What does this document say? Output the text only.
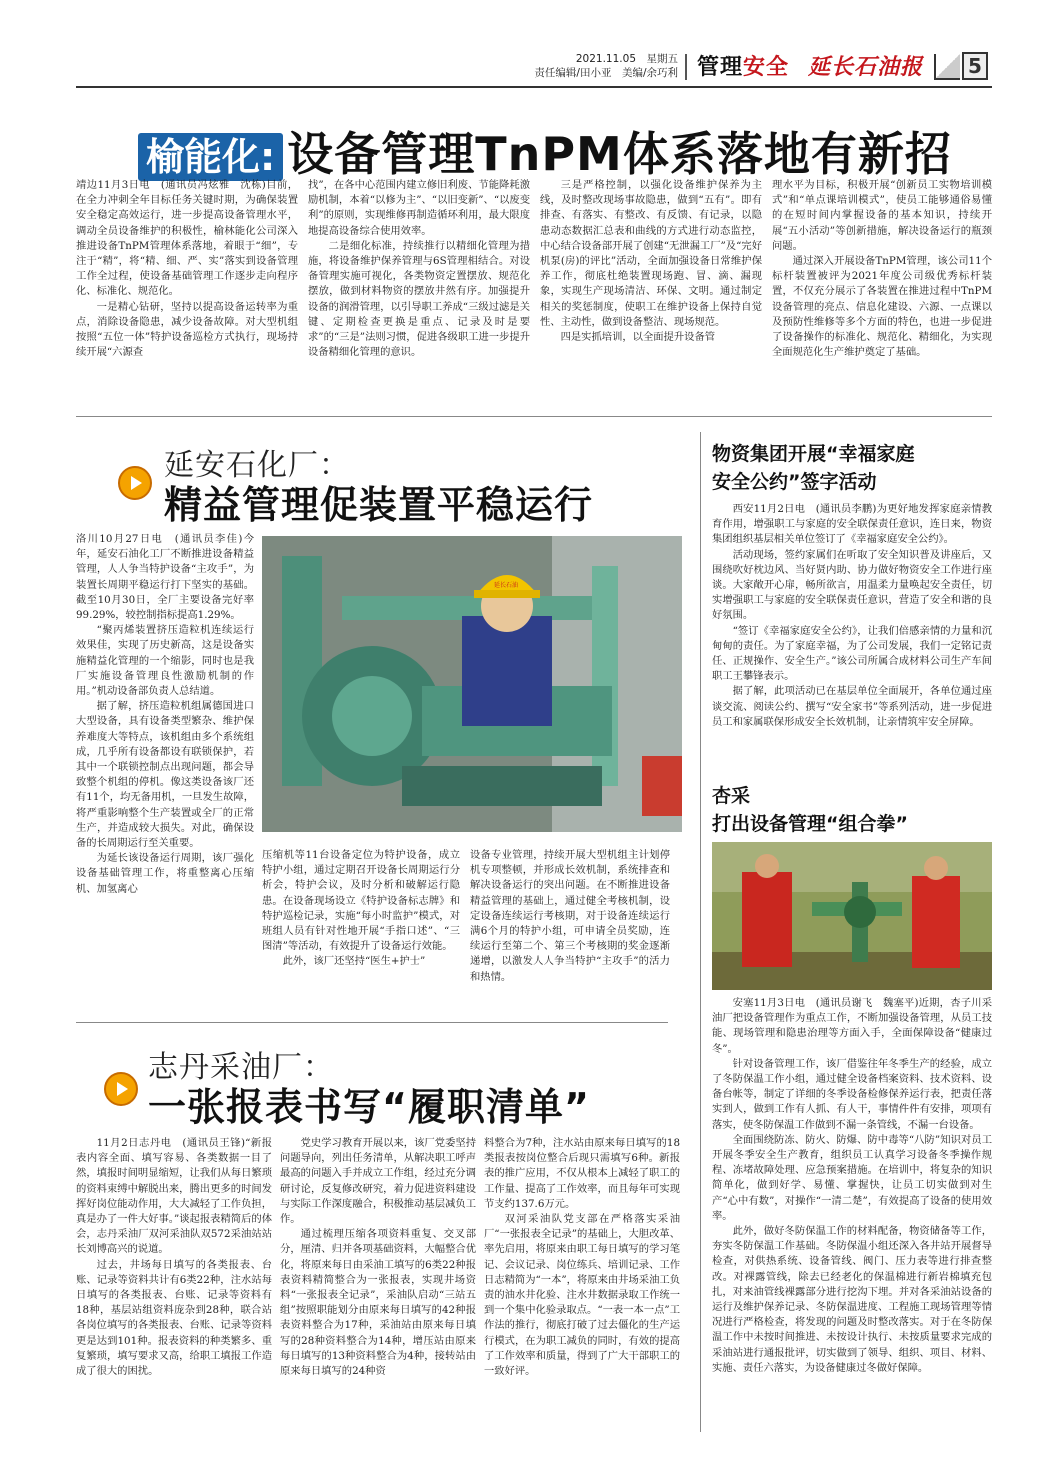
2021.11.05　星期五
责任编辑/田小亚　美编/余巧利 管理安全 延长石油报	5
榆能化: 设备管理TnPM体系落地有新招

靖边11月3日电　(通讯员冯炫雅　沈栋)目前，在全力冲刺全年目标任务关键时期，为确保装置安全稳定高效运行，进一步提高设备管理水平，调动全员设备维护的积极性，榆林能化公司深入推进设备TnPM管理体系落地，着眼于“细”，专注于“精”，将“精、细、严、实”落实到设备管理工作全过程，使设备基础管理工作逐步走向程序化、标准化、规范化。

一是精心钻研，坚持以提高设备运转率为重点，消除设备隐患，减少设备故障。对大型机组按照“五位一体”特护设备巡检方式执行，现场持续开展“六源查

找”，在各中心范围内建立修旧利废、节能降耗激励机制，本着“以修为主”、“以旧变新”、“以废变利”的原则，实现维修再制造循环利用，最大限度地提高设备综合使用效率。

二是细化标准，持续推行以精细化管理为措施，将设备维护保养管理与6S管理相结合。对设备管理实施可视化，各类物资定置摆放、规范化摆放，做到材料物资的摆放井然有序。加强提升设备的润滑管理，以引导职工养成“三级过滤是关键、定期检查更换是重点、记录及时是要求”的“三是”法则习惯，促进各级职工进一步提升设备精细化管理的意识。

三是严格控制，以强化设备维护保养为主线，及时整改现场事故隐患，做到“五有”。即有排查、有落实、有整改、有反馈、有记录，以隐患动态数据汇总表和曲线的方式进行动态监控，中心结合设备部开展了创建“无泄漏工厂”及“完好机泵(房)的评比”活动，全面加强设备日常维护保养工作，彻底杜绝装置现场跑、冒、滴、漏现象，实现生产现场清洁、环保、文明。通过制定相关的奖惩制度，使职工在维护设备上保持自觉性、主动性，做到设备整洁、现场规范。

四是实抓培训，以全面提升设备管

理水平为目标，积极开展“创新员工实物培训模式”和“单点课培训模式”，使员工能够通俗易懂的在短时间内掌握设备的基本知识，持续开展“五小活动”等创新措施，解决设备运行的瓶颈问题。

通过深入开展设备TnPM管理，该公司11个标杆装置被评为2021年度公司级优秀标杆装置，不仅充分展示了各装置在推进过程中TnPM设备管理的亮点、信息化建设、六源、一点课以及预防性维修等多个方面的特色，也进一步促进了设备操作的标准化、规范化、精细化，为实现全面规范化生产维护奠定了基础。

延安石化厂：
精益管理促装置平稳运行

洛川10月27日电　(通讯员李佳)今年，延安石油化工厂不断推进设备精益管理，人人争当特护设备“主攻手”，为装置长周期平稳运行打下坚实的基础。截至10月30日，全厂主要设备完好率99.29%，较控制指标提高1.29%。

“聚丙烯装置挤压造粒机连续运行效果佳，实现了历史新高，这是设备实施精益化管理的一个缩影，同时也是我厂实施设备管理良性激励机制的作用。”机动设备部负责人总结道。

据了解，挤压造粒机组属德国进口大型设备，具有设备类型繁杂、维护保养难度大等特点，该机组由多个系统组成，几乎所有设备都设有联锁保护，若其中一个联锁控制点出现问题，都会导致整个机组的停机。像这类设备该厂还有11个，均无备用机，一旦发生故障，将严重影响整个生产装置或全厂的正常生产，并造成较大损失。对此，确保设备的长周期运行至关重要。

为延长该设备运行周期，该厂强化设备基础管理工作，将重整离心压缩机、加氢离心

延长石油

压缩机等11台设备定位为特护设备，成立特护小组，通过定期召开设备长周期运行分析会，特护会议，及时分析和破解运行隐患。在设备现场设立《特护设备标志牌》和特护巡检记录，实施“每小时监护”模式，对班组人员有针对性地开展“手指口述”、“三图清”等活动，有效提升了设备运行效能。

此外，该厂还坚持“医生+护士”

设备专业管理，持续开展大型机组主计划停机专项整顿，并形成长效机制，系统排查和解决设备运行的突出问题。在不断推进设备精益管理的基础上，通过健全考核机制，设定设备连续运行考核期，对于设备连续运行满6个月的特护小组，可申请全员奖励，连续运行至第二个、第三个考核期的奖金逐渐递增，以激发人人争当特护“主攻手”的活力和热情。

志丹采油厂：
一张报表书写“履职清单”

11月2日志丹电　(通讯员王锋)“新报表内容全面、填写容易、各类数据一目了然，填报时间明显缩短，让我们从每日繁琐的资料束缚中解脱出来，腾出更多的时间发挥好岗位能动作用，大大减轻了工作负担，真是办了一件大好事。”谈起报表精简后的体会，志丹采油厂双河采油队双572采油站站长刘博高兴的说道。

过去，井场每日填写的各类报表、台账、记录等资料共计有6类22种，注水站每日填写的各类报表、台账、记录等资料有18种，基层站组资料庞杂到28种，联合站各岗位填写的各类报表、台账、记录等资料更是达到101种。报表资料的种类繁多、重复繁琐，填写要求又高，给职工填报工作造成了很大的困扰。

党史学习教育开展以来，该厂党委坚持问题导向，列出任务清单，从解决职工呼声最高的问题入手并成立工作组，经过充分调研讨论，反复修改研究，着力促进资料建设与实际工作深度融合，积极推动基层减负工作。

通过梳理压缩各项资料重复、交叉部分，厘清、归并各项基础资料，大幅整合优化，将原来每日由采油工填写的6类22种报表资料精简整合为一张报表，实现井场资料“一张报表全记录”，采油队启动“三站五组”按照职能划分由原来每日填写的42种报表资料整合为17种，采油站由原来每日填写的28种资料整合为14种，增压站由原来每日填写的13种资料整合为4种，接转站由原来每日填写的24种资

料整合为7种，注水站由原来每日填写的18类报表按岗位整合后现只需填写6种。新报表的推广应用，不仅从根本上减轻了职工的工作量、提高了工作效率，而且每年可实现节支约137.6万元。

双河采油队党支部在严格落实采油厂“一张报表全记录”的基础上，大胆改革、率先启用，将原来由职工每日填写的学习笔记、会议记录、岗位练兵、培训记录、工作日志精简为“一本”，将原来由井场采油工负责的油水井化验、注水井数据录取工作统一到一个集中化验录取点。“一表一本一点”工作法的推行，彻底打破了过去僵化的生产运行模式，在为职工减负的同时，有效的提高了工作效率和质量，得到了广大干部职工的一致好评。

物资集团开展“幸福家庭
安全公约”签字活动

西安11月2日电　(通讯员李鹏)为更好地发挥家庭亲情教育作用，增强职工与家庭的安全联保责任意识，连日来，物资集团组织基层相关单位签订了《幸福家庭安全公约》。

活动现场，签约家属们在听取了安全知识普及讲座后，又围绕吹好枕边风、当好贤内助、协力做好物资安全工作进行座谈。大家敞开心扉，畅所欲言，用温柔力量唤起安全责任，切实增强职工与家庭的安全联保责任意识，营造了安全和谐的良好氛围。

“签订《幸福家庭安全公约》，让我们倍感亲情的力量和沉甸甸的责任。为了家庭幸福，为了公司发展，我们一定铭记责任、正规操作、安全生产。”该公司所属合成材料公司生产车间职工王攀锋表示。

据了解，此项活动已在基层单位全面展开，各单位通过座谈交流、阅读公约、撰写“安全家书”等系列活动，进一步促进员工和家属联保形成安全长效机制，让亲情筑牢安全屏障。

杏采
打出设备管理“组合拳”

安塞11月3日电　(通讯员谢飞　魏塞平)近期，杏子川采油厂把设备管理作为重点工作，不断加强设备管理，从员工技能、现场管理和隐患治理等方面入手，全面保障设备“健康过冬”。

针对设备管理工作，该厂借鉴往年冬季生产的经验，成立了冬防保温工作小组，通过健全设备档案资料、技术资料、设备台帐等，制定了详细的冬季设备检修保养运行表，把责任落实到人，做到工作有人抓、有人干，事情件件有安排，项项有落实，使冬防保温工作做到不漏一条管线，不漏一台设备。

全面围绕防冻、防火、防爆、防中毒等“八防”知识对员工开展冬季安全生产教育，组织员工认真学习设备冬季操作规程、冻堵故障处理、应急预案措施。在培训中，将复杂的知识简单化，做到好学、易懂、掌握快，让员工切实做到对生产“心中有数”，对操作“一清二楚”，有效提高了设备的使用效率。

此外，做好冬防保温工作的材料配备，物资储备等工作，夯实冬防保温工作基础。冬防保温小组还深入各井站开展督导检查，对供热系统、设备管线、阀门、压力表等进行排查整改。对裸露管线，除去已经老化的保温棉进行新岩棉填充包扎，对来油管线裸露部分进行挖沟下埋。并对各采油站设备的运行及维护保养记录、冬防保温进度、工程施工现场管理等情况进行严格检查，将发现的问题及时整改落实。对于在冬防保温工作中未按时间推进、未按设计执行、未按质量要求完成的采油站进行通报批评，切实做到了领导、组织、项目、材料、实施、责任六落实，为设备健康过冬做好保障。
